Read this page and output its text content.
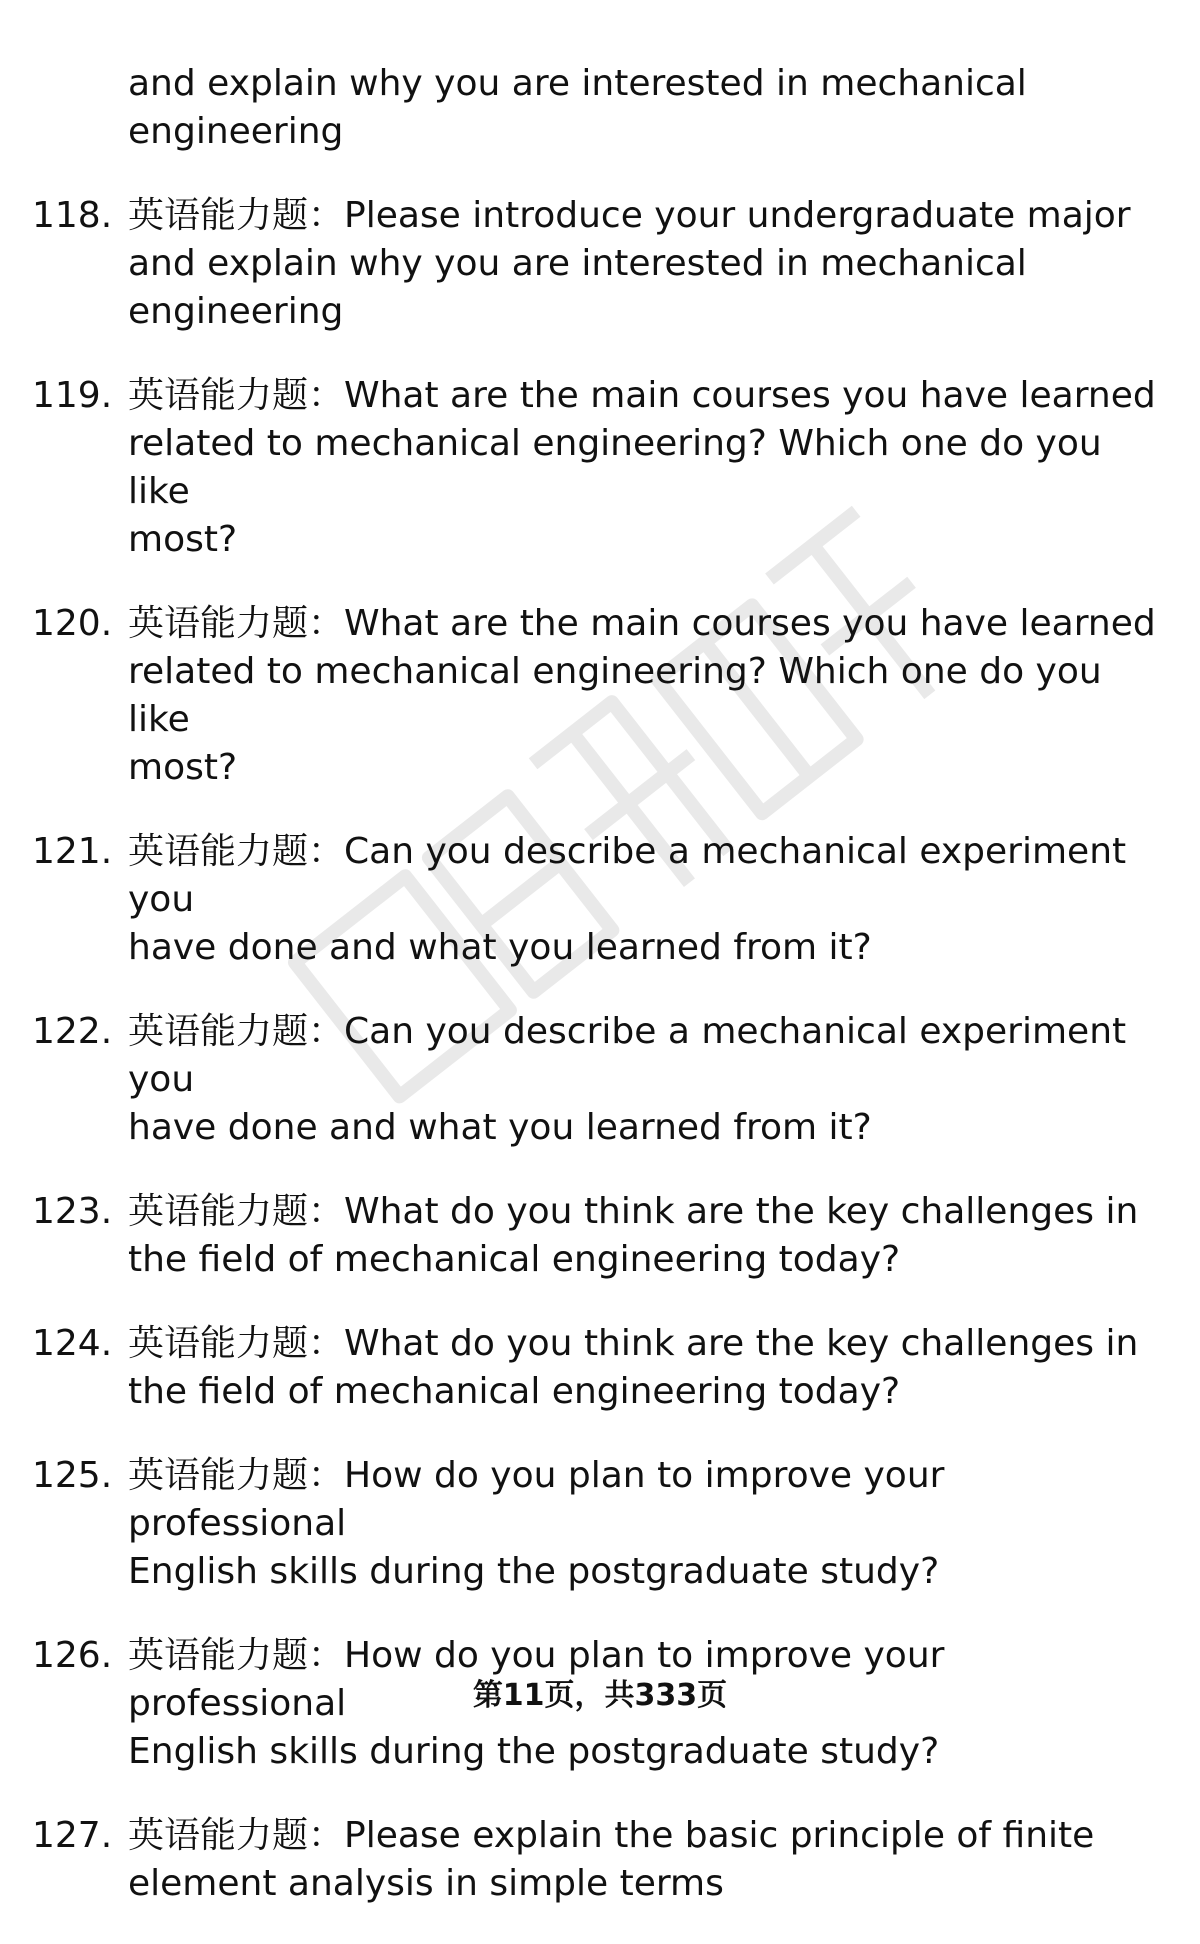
and explain why you are interested in mechanical
engineering
118. 英语能力题：Please introduce your undergraduate major
and explain why you are interested in mechanical
engineering
119. 英语能力题：What are the main courses you have learned
related to mechanical engineering? Which one do you like
most?
120. 英语能力题：What are the main courses you have learned
related to mechanical engineering? Which one do you like
most?
121. 英语能力题：Can you describe a mechanical experiment you
have done and what you learned from it?
122. 英语能力题：Can you describe a mechanical experiment you
have done and what you learned from it?
123. 英语能力题：What do you think are the key challenges in
the field of mechanical engineering today?
124. 英语能力题：What do you think are the key challenges in
the field of mechanical engineering today?
125. 英语能力题：How do you plan to improve your professional
English skills during the postgraduate study?
126. 英语能力题：How do you plan to improve your professional
English skills during the postgraduate study?
127. 英语能力题：Please explain the basic principle of finite
element analysis in simple terms
第11页，共333页
